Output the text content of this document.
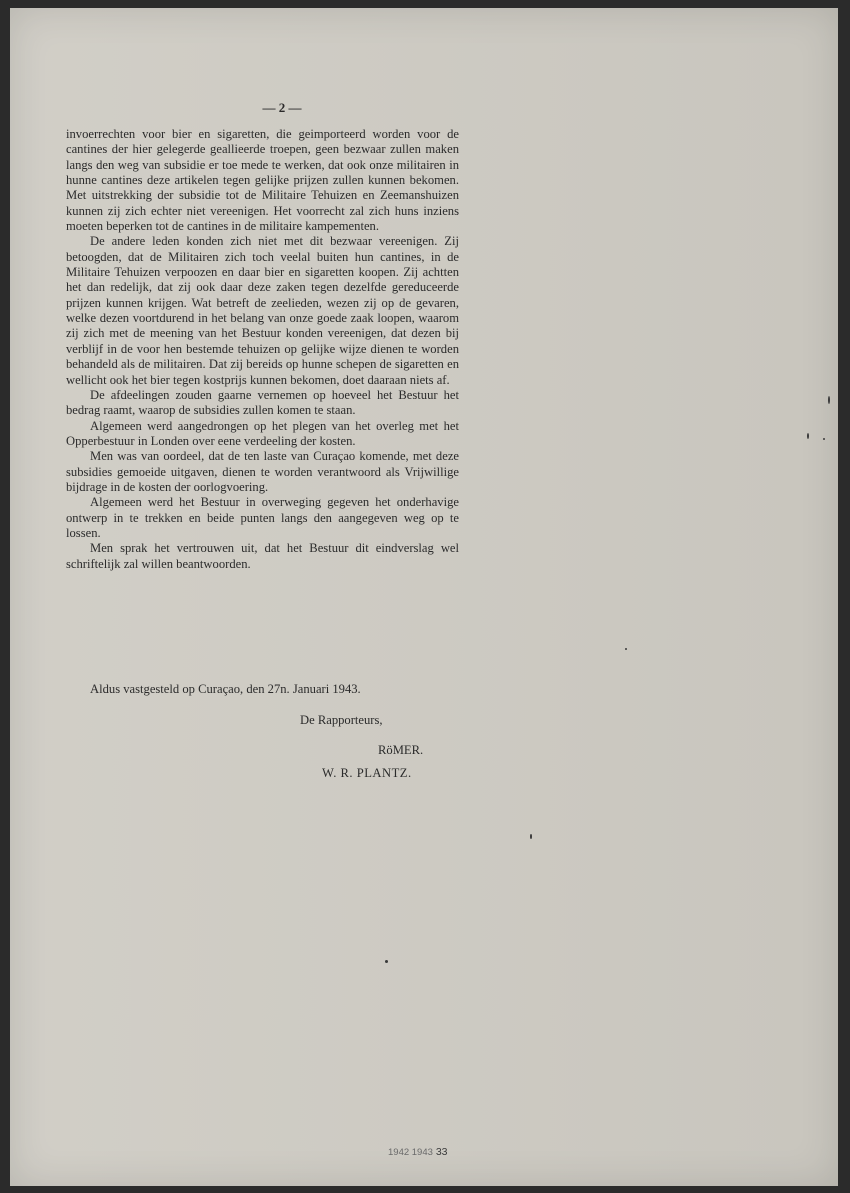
— 2 —

invoerrechten voor bier en sigaretten, die geimporteerd worden voor de cantines der hier gelegerde geallieerde troepen, geen bezwaar zullen maken langs den weg van subsidie er toe mede te werken, dat ook onze militairen in hunne cantines deze artikelen tegen gelijke prijzen zullen kunnen bekomen. Met uitstrekking der subsidie tot de Militaire Tehuizen en Zeemanshuizen kunnen zij zich echter niet vereenigen. Het voorrecht zal zich huns inziens moeten beperken tot de cantines in de militaire kampementen.

De andere leden konden zich niet met dit bezwaar vereenigen. Zij betoogden, dat de Militairen zich toch veelal buiten hun cantines, in de Militaire Tehuizen verpoozen en daar bier en sigaretten koopen. Zij achtten het dan redelijk, dat zij ook daar deze zaken tegen dezelfde gereduceerde prijzen kunnen krijgen. Wat betreft de zeelieden, wezen zij op de gevaren, welke dezen voortdurend in het belang van onze goede zaak loopen, waarom zij zich met de meening van het Bestuur konden vereenigen, dat dezen bij verblijf in de voor hen bestemde tehuizen op gelijke wijze dienen te worden behandeld als de militairen. Dat zij bereids op hunne schepen de sigaretten en wellicht ook het bier tegen kostprijs kunnen bekomen, doet daaraan niets af.

De afdeelingen zouden gaarne vernemen op hoeveel het Bestuur het bedrag raamt, waarop de subsidies zullen komen te staan.

Algemeen werd aangedrongen op het plegen van het overleg met het Opperbestuur in Londen over eene verdeeling der kosten.

Men was van oordeel, dat de ten laste van Curaçao komende, met deze subsidies gemoeide uitgaven, dienen te worden verantwoord als Vrijwillige bijdrage in de kosten der oorlogvoering.

Algemeen werd het Bestuur in overweging gegeven het onderhavige ontwerp in te trekken en beide punten langs den aangegeven weg op te lossen.

Men sprak het vertrouwen uit, dat het Bestuur dit eindverslag wel schriftelijk zal willen beantwoorden.

Aldus vastgesteld op Curaçao, den 27n. Januari 1943.

De Rapporteurs,
RöMER.
W. R. PLANTZ.
1942 1943 33
